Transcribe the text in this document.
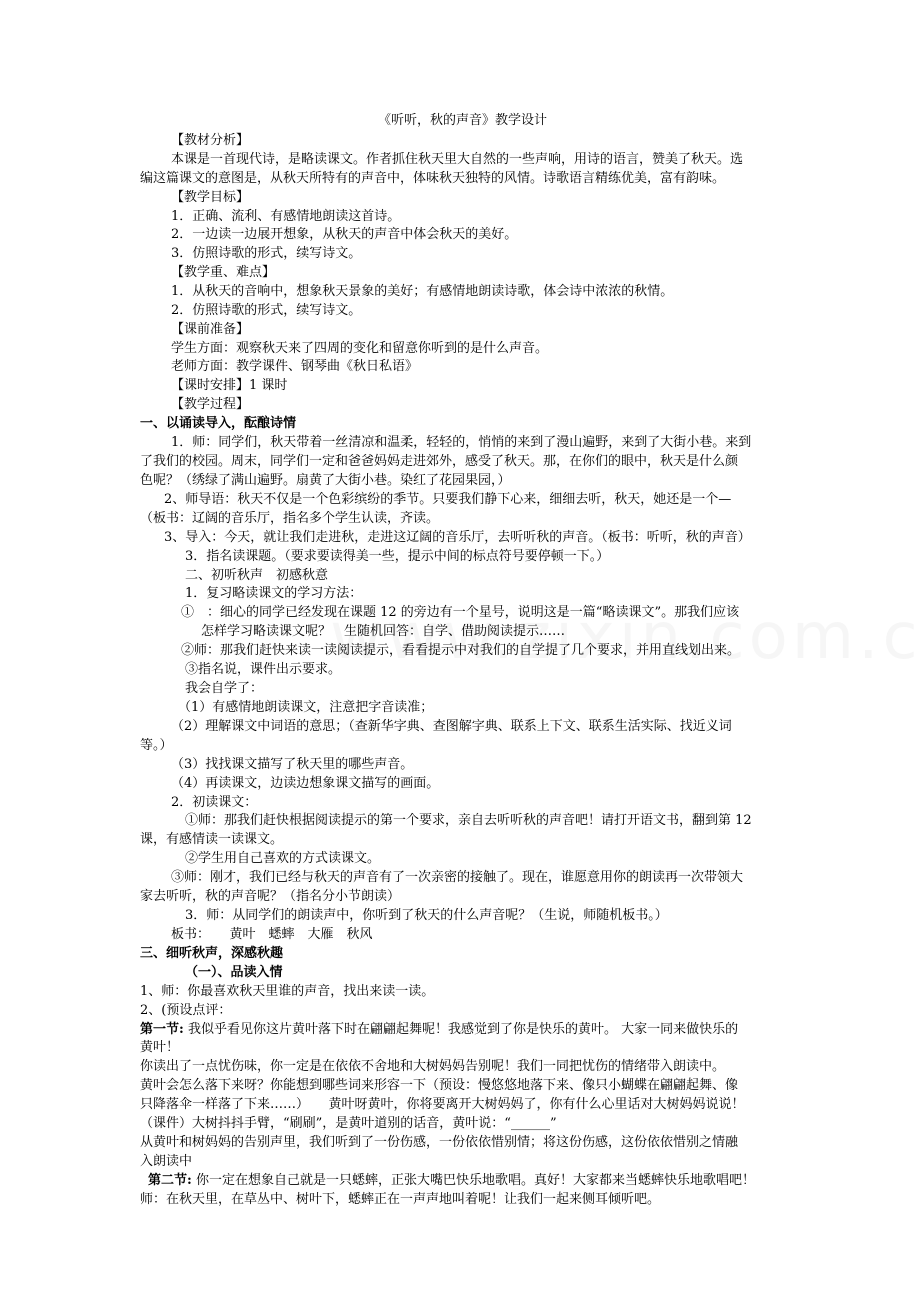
《听听，秋的声音》教学设计
【教材分析】
本课是一首现代诗，是略读课文。作者抓住秋天里大自然的一些声响，用诗的语言，赞美了秋天。选
编这篇课文的意图是，从秋天所特有的声音中，体味秋天独特的风情。诗歌语言精练优美，富有韵味。
【教学目标】
1．正确、流利、有感情地朗读这首诗。
2．一边读一边展开想象，从秋天的声音中体会秋天的美好。
3．仿照诗歌的形式，续写诗文。
【教学重、难点】
1．从秋天的音响中，想象秋天景象的美好；有感情地朗读诗歌，体会诗中浓浓的秋情。
2．仿照诗歌的形式，续写诗文。
【课前准备】
学生方面：观察秋天来了四周的变化和留意你听到的是什么声音。
老师方面：教学课件、钢琴曲《秋日私语》
【课时安排】1 课时
【教学过程】
一、以诵读导入，酝酿诗情
1．师：同学们，秋天带着一丝清凉和温柔，轻轻的，悄悄的来到了漫山遍野，来到了大街小巷。来到
了我们的校园。周末，同学们一定和爸爸妈妈走进郊外，感受了秋天。那，在你们的眼中，秋天是什么颜
色呢？（绣绿了满山遍野。扇黄了大街小巷。染红了花园果园，）
2、师导语：秋天不仅是一个色彩缤纷的季节。只要我们静下心来，细细去听，秋天，她还是一个—
（板书：辽阔的音乐厅，指名多个学生认读，齐读。
3、导入：今天，就让我们走进秋，走进这辽阔的音乐厅，去听听秋的声音。（板书：听听，秋的声音）
3．指名读课题。（要求要读得美一些，提示中间的标点符号要停顿一下。）
二、初听秋声　初感秋意
1．复习略读课文的学习方法：
①　：细心的同学已经发现在课题 12 的旁边有一个星号，说明这是一篇“略读课文”。那我们应该
怎样学习略读课文呢？　生随机回答：自学、借助阅读提示……
②师：那我们赶快来读一读阅读提示，看看提示中对我们的自学提了几个要求，并用直线划出来。
③指名说，课件出示要求。
我会自学了：
（1）有感情地朗读课文，注意把字音读准；
（2）理解课文中词语的意思；（查新华字典、查图解字典、联系上下文、联系生活实际、找近义词
等。）
（3）找找课文描写了秋天里的哪些声音。
（4）再读课文，边读边想象课文描写的画面。
2．初读课文：
①师：那我们赶快根据阅读提示的第一个要求，亲自去听听秋的声音吧！请打开语文书，翻到第 12
课，有感情读一读课文。
②学生用自己喜欢的方式读课文。
③师：刚才，我们已经与秋天的声音有了一次亲密的接触了。现在，谁愿意用你的朗读再一次带领大
家去听听，秋的声音呢？（指名分小节朗读）
3．师：从同学们的朗读声中，你听到了秋天的什么声音呢？（生说，师随机板书。）
板书：　　黄叶　蟋蟀　大雁　秋风
三、细听秋声，深感秋趣
（一）、品读入情
1、师：你最喜欢秋天里谁的声音，找出来读一读。
2、(预设点评：
第一节: 我似乎看见你这片黄叶落下时在翩翩起舞呢！我感觉到了你是快乐的黄叶。 大家一同来做快乐的
黄叶！
你读出了一点忧伤味，你一定是在依依不舍地和大树妈妈告别呢！我们一同把忧伤的情绪带入朗读中。
黄叶会怎么落下来呀？你能想到哪些词来形容一下（预设：慢悠悠地落下来、像只小蝴蝶在翩翩起舞、像
只降落伞一样落了下来……）　　黄叶呀黄叶，你将要离开大树妈妈了，你有什么心里话对大树妈妈说说！
（课件）大树抖抖手臂，“刷刷”，是黄叶道别的话音，黄叶说：“______”
从黄叶和树妈妈的告别声里，我们听到了一份伤感，一份依依惜别情；将这份伤感，这份依依惜别之情融
入朗读中
第二节: 你一定在想象自己就是一只蟋蟀，正张大嘴巴快乐地歌唱。真好！大家都来当蟋蟀快乐地歌唱吧！
师：在秋天里，在草丛中、树叶下，蟋蟀正在一声声地叫着呢！让我们一起来侧耳倾听吧。
